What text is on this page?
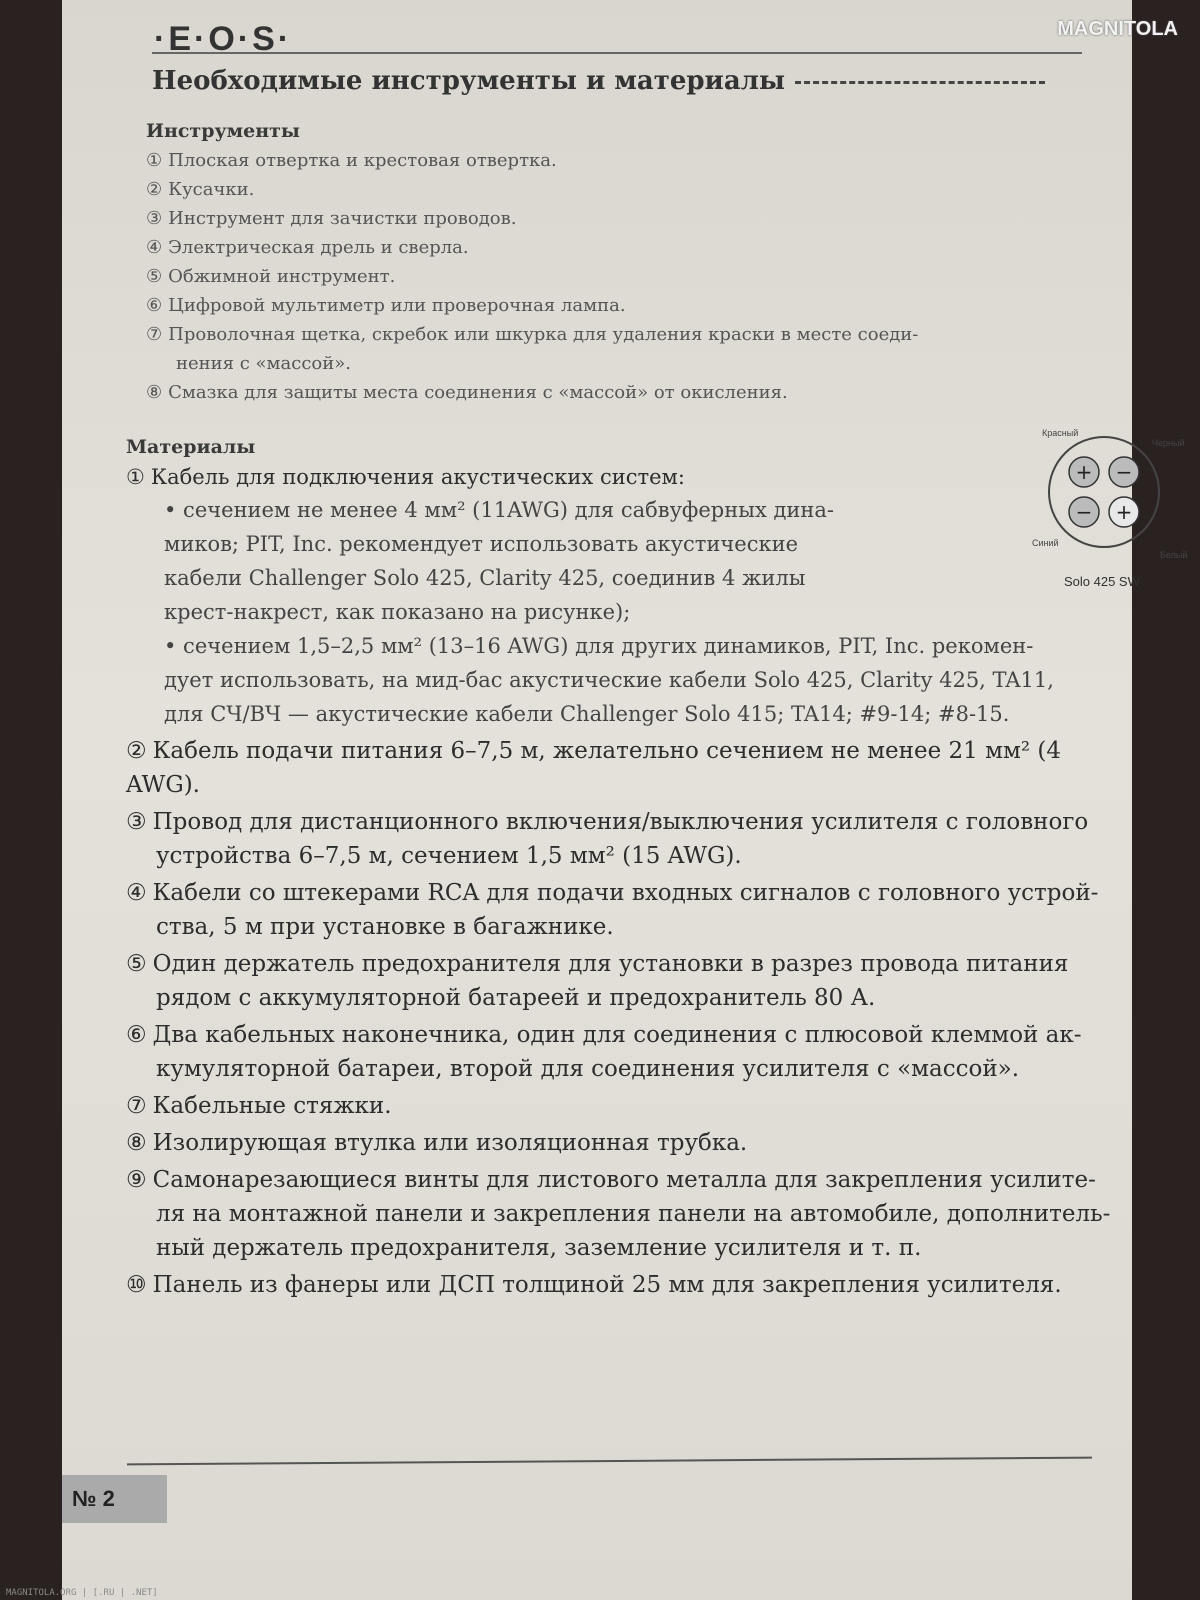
·E·O·S·
Необходимые инструменты и материалы
Инструменты
① Плоская отвертка и крестовая отвертка.
② Кусачки.
③ Инструмент для зачистки проводов.
④ Электрическая дрель и сверла.
⑤ Обжимной инструмент.
⑥ Цифровой мультиметр или проверочная лампа.
⑦ Проволочная щетка, скребок или шкурка для удаления краски в месте соеди-
нения с «массой».
⑧ Смазка для защиты места соединения с «массой» от окисления.
Материалы
① Кабель для подключения акустических систем:
• сечением не менее 4 мм² (11AWG) для сабвуферных дина-
миков; PIT, Inc. рекомендует использовать акустические
кабели Challenger Solo 425, Clarity 425, соединив 4 жилы
крест-накрест, как показано на рисунке);
• сечением 1,5–2,5 мм² (13–16 AWG) для других динамиков, PIT, Inc. рекомен-
дует использовать, на мид-бас акустические кабели Solo 425, Clarity 425, TA11,
для СЧ/ВЧ — акустические кабели Challenger Solo 415; TA14; #9-14; #8-15.
② Кабель подачи питания 6–7,5 м, желательно сечением не менее 21 мм² (4 AWG).
③ Провод для дистанционного включения/выключения усилителя с головного
устройства 6–7,5 м, сечением 1,5 мм² (15 AWG).
④ Кабели со штекерами RCA для подачи входных сигналов с головного устрой-
ства, 5 м при установке в багажнике.
⑤ Один держатель предохранителя для установки в разрез провода питания
рядом с аккумуляторной батареей и предохранитель 80 А.
⑥ Два кабельных наконечника, один для соединения с плюсовой клеммой ак-
кумуляторной батареи, второй для соединения усилителя с «массой».
⑦ Кабельные стяжки.
⑧ Изолирующая втулка или изоляционная трубка.
⑨ Самонарезающиеся винты для листового металла для закрепления усилите-
ля на монтажной панели и закрепления панели на автомобиле, дополнитель-
ный держатель предохранителя, заземление усилителя и т. п.
⑩ Панель из фанеры или ДСП толщиной 25 мм для закрепления усилителя.
Красный
Черный
Синий
Белый
+ −
− +
Solo 425 SW
№ 2
MAGNITOLA
MAGNITOLA.ORG | [.RU | .NET]
